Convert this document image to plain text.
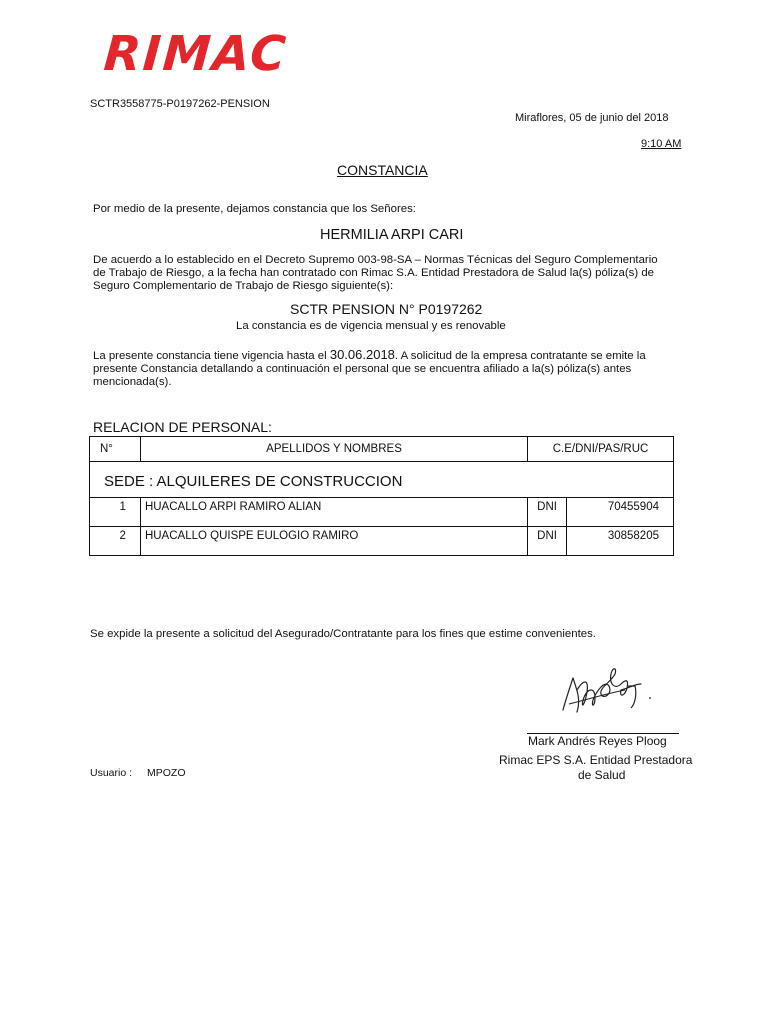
RIMAC
SCTR3558775-P0197262-PENSION
Miraflores, 05 de junio del 2018
9:10 AM
CONSTANCIA
Por medio de la presente, dejamos constancia que los Señores:
HERMILIA ARPI CARI
De acuerdo a lo establecido en el Decreto Supremo 003-98-SA – Normas Técnicas del Seguro Complementario
de Trabajo de Riesgo, a la fecha han contratado con Rimac S.A. Entidad Prestadora de Salud la(s) póliza(s) de
Seguro Complementario de Trabajo de Riesgo siguiente(s):
SCTR PENSION N° P0197262
La constancia es de vigencia mensual y es renovable
La presente constancia tiene vigencia hasta el 30.06.2018. A solicitud de la empresa contratante se emite la
presente Constancia detallando a continuación el personal que se encuentra afiliado a la(s) póliza(s) antes
mencionada(s).
RELACION DE PERSONAL:
N°	APELLIDOS Y NOMBRES	C.E/DNI/PAS/RUC	
SEDE : ALQUILERES DE CONSTRUCCION			
1	HUACALLO ARPI RAMIRO ALIAN	DNI	70455904
2	HUACALLO QUISPE EULOGIO RAMIRO	DNI	30858205
Se expide la presente a solicitud del Asegurado/Contratante para los fines que estime convenientes.
Mark Andrés Reyes Ploog
Rimac EPS S.A. Entidad Prestadora
de Salud
Usuario : MPOZO
